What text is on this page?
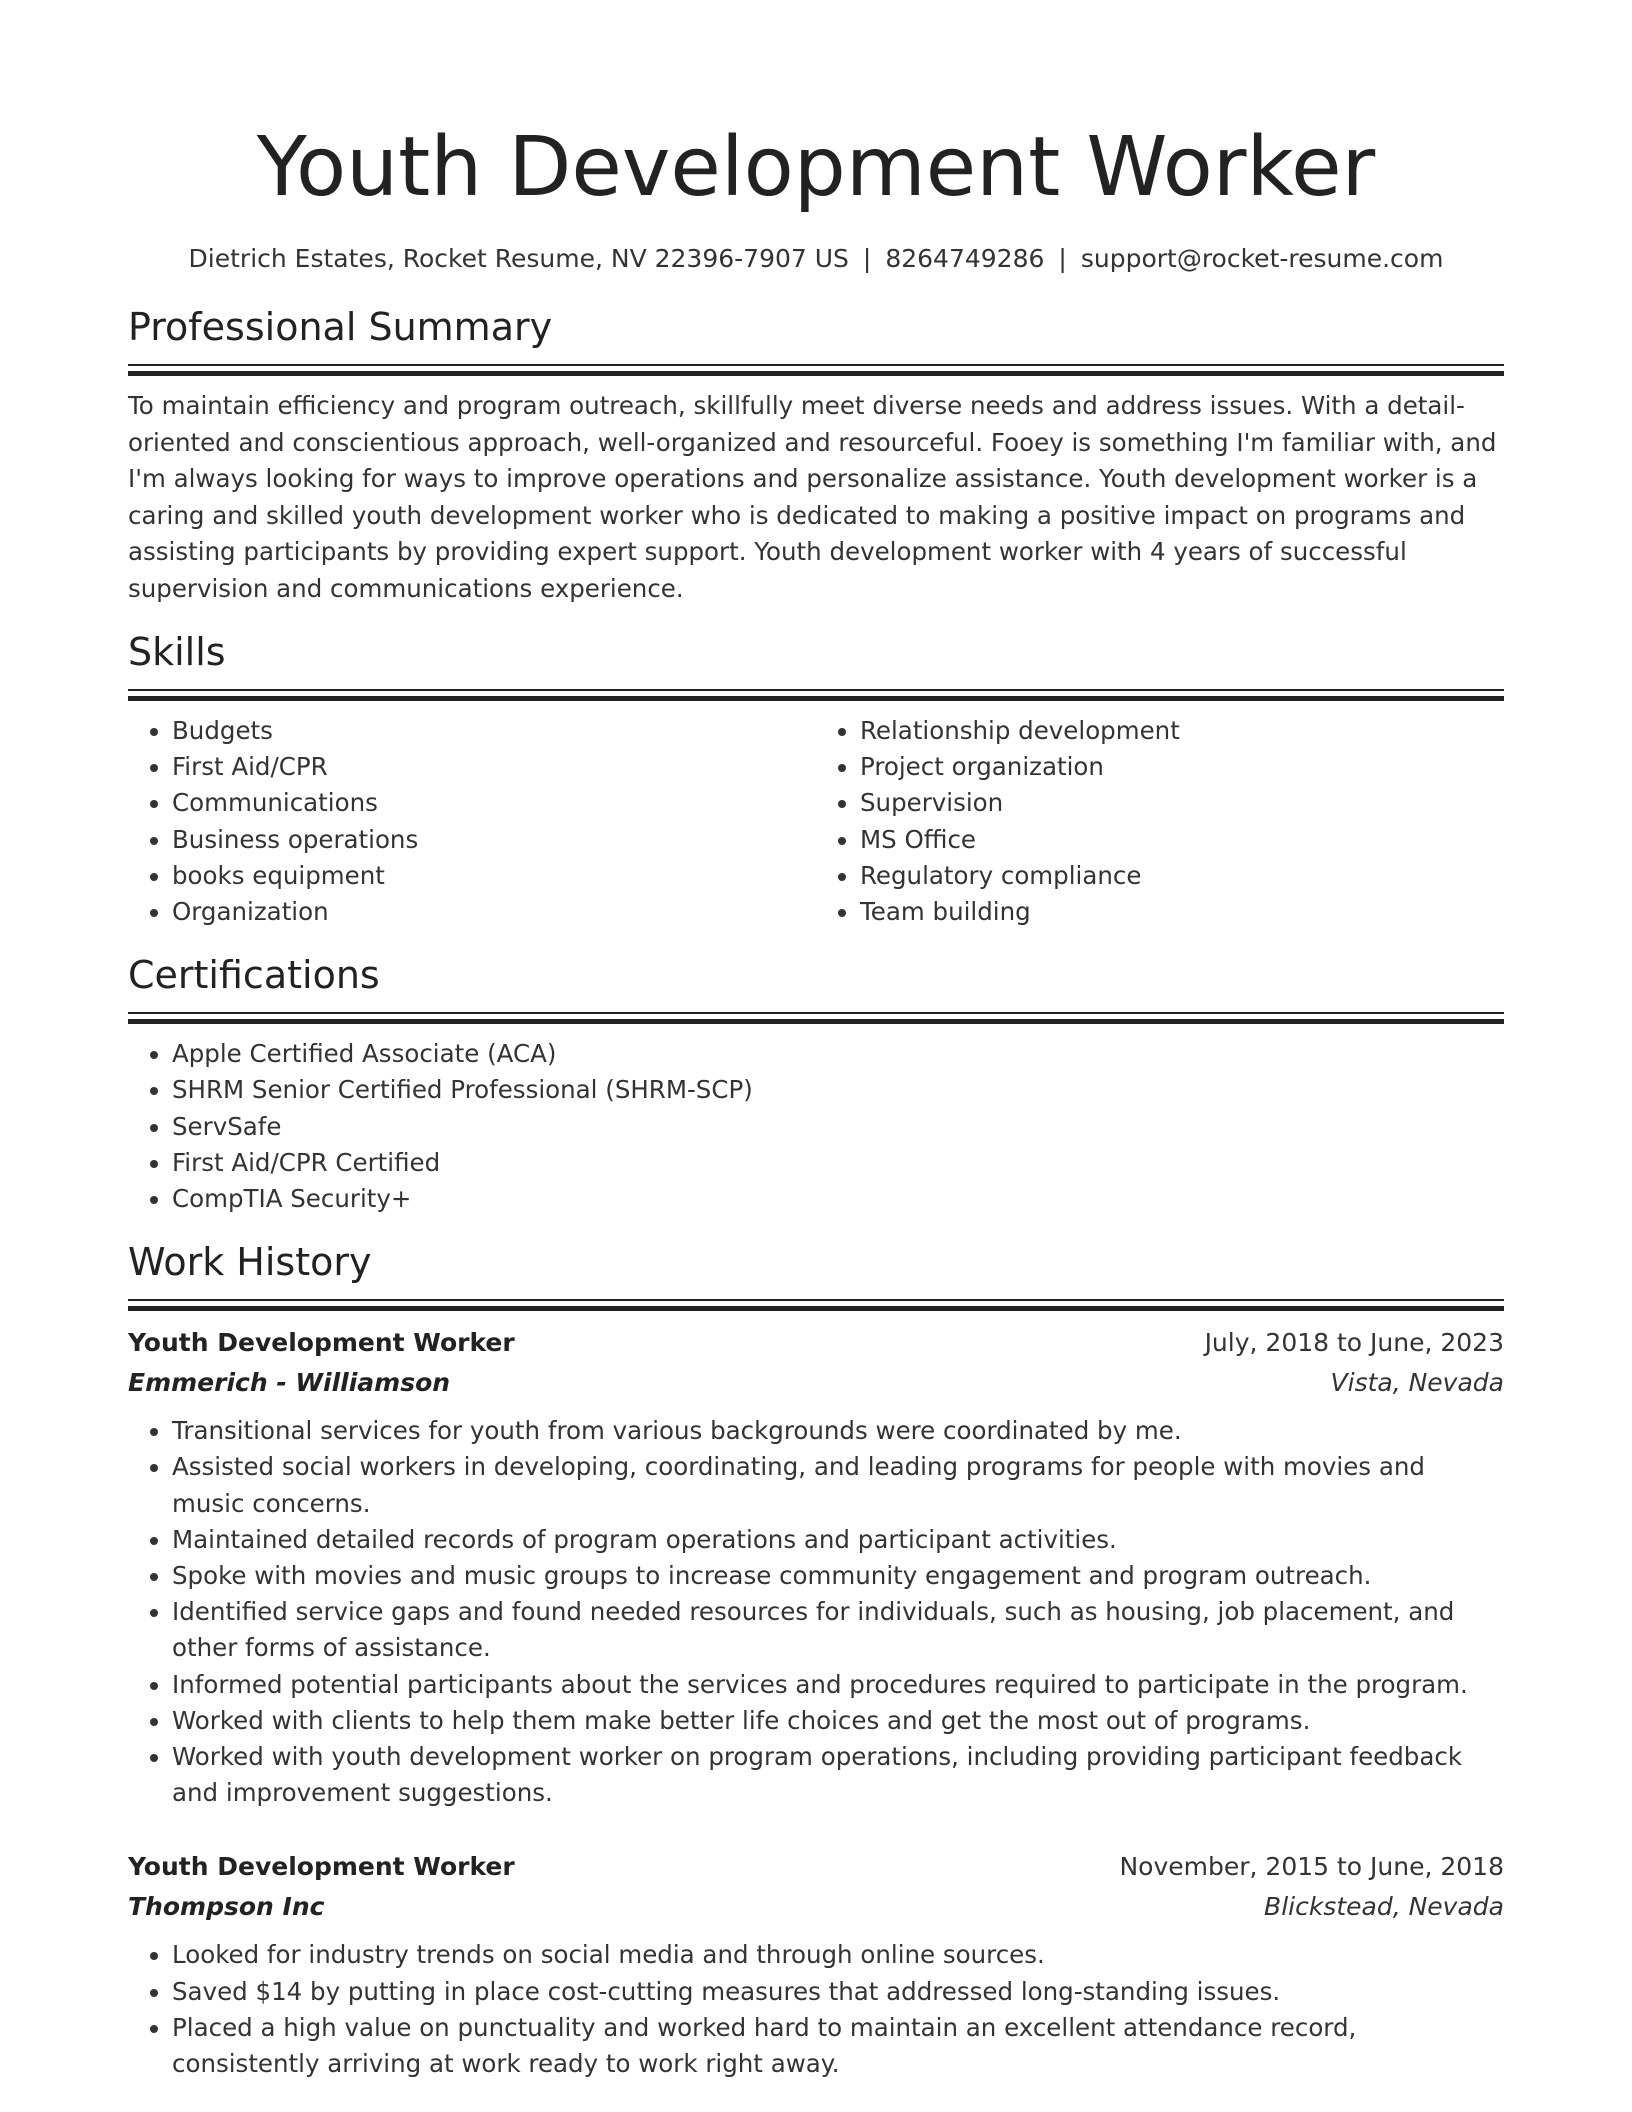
Youth Development Worker
Dietrich Estates, Rocket Resume, NV 22396-7907 US | 8264749286 | support@rocket-resume.com
Professional Summary
To maintain efficiency and program outreach, skillfully meet diverse needs and address issues. With a detail-oriented and conscientious approach, well-organized and resourceful. Fooey is something I'm familiar with, and I'm always looking for ways to improve operations and personalize assistance. Youth development worker is a caring and skilled youth development worker who is dedicated to making a positive impact on programs and assisting participants by providing expert support. Youth development worker with 4 years of successful supervision and communications experience.
Skills
• Budgets
• First Aid/CPR
• Communications
• Business operations
• books equipment
• Organization
• Relationship development
• Project organization
• Supervision
• MS Office
• Regulatory compliance
• Team building
Certifications
• Apple Certified Associate (ACA)
• SHRM Senior Certified Professional (SHRM-SCP)
• ServSafe
• First Aid/CPR Certified
• CompTIA Security+
Work History
Youth Development Worker	July, 2018 to June, 2023
Emmerich - Williamson	Vista, Nevada
• Transitional services for youth from various backgrounds were coordinated by me.
• Assisted social workers in developing, coordinating, and leading programs for people with movies and music concerns.
• Maintained detailed records of program operations and participant activities.
• Spoke with movies and music groups to increase community engagement and program outreach.
• Identified service gaps and found needed resources for individuals, such as housing, job placement, and other forms of assistance.
• Informed potential participants about the services and procedures required to participate in the program.
• Worked with clients to help them make better life choices and get the most out of programs.
• Worked with youth development worker on program operations, including providing participant feedback and improvement suggestions.
Youth Development Worker	November, 2015 to June, 2018
Thompson Inc	Blickstead, Nevada
• Looked for industry trends on social media and through online sources.
• Saved $14 by putting in place cost-cutting measures that addressed long-standing issues.
• Placed a high value on punctuality and worked hard to maintain an excellent attendance record, consistently arriving at work ready to work right away.
